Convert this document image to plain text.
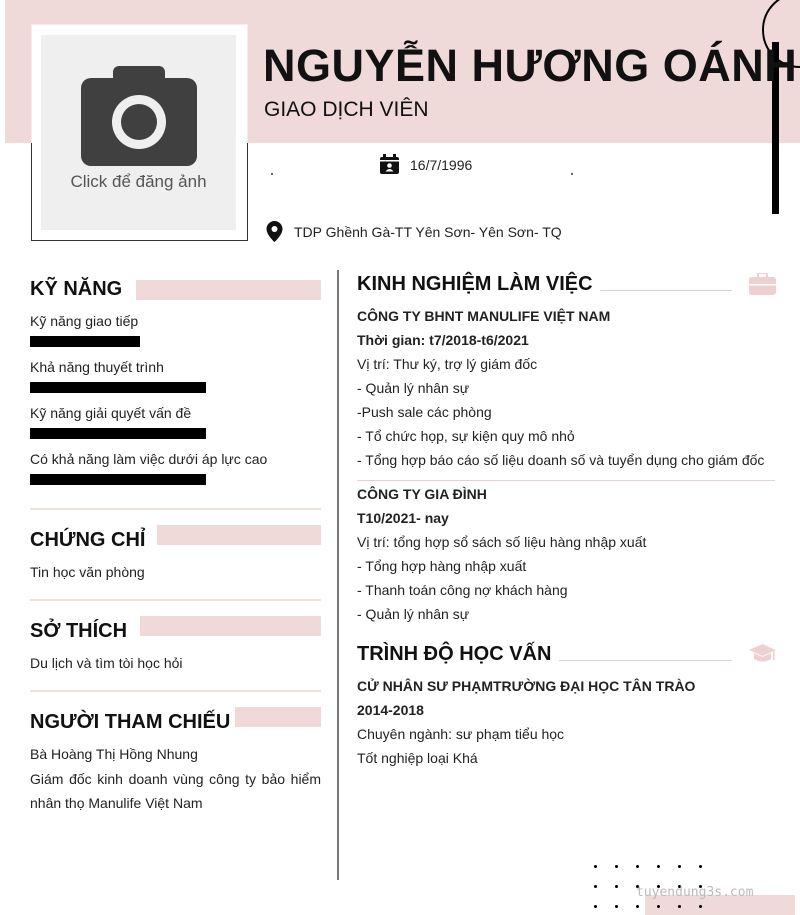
Click để đăng ảnh
NGUYỄN HƯƠNG OÁNH
GIAO DỊCH VIÊN
16/7/1996
TDP Ghềnh Gà-TT Yên Sơn- Yên Sơn- TQ
KỸ NĂNG
Kỹ năng giao tiếp
Khả năng thuyết trình
Kỹ năng giải quyết vấn đề
Có khả năng làm việc dưới áp lực cao
CHỨNG CHỈ
Tin học văn phòng
SỞ THÍCH
Du lịch và tìm tòi học hỏi
NGƯỜI THAM CHIẾU
Bà Hoàng Thị Hồng Nhung
Giám đốc kinh doanh vùng công ty bảo hiểm nhân thọ Manulife Việt Nam
KINH NGHIỆM LÀM VIỆC
CÔNG TY BHNT MANULIFE VIỆT NAM
Thời gian: t7/2018-t6/2021
Vị trí: Thư ký, trợ lý giám đốc
- Quản lý nhân sự
-Push sale các phòng
- Tổ chức họp, sự kiện quy mô nhỏ
- Tổng hợp báo cáo số liệu doanh số và tuyển dụng cho giám đốc
CÔNG TY GIA ĐÌNH
T10/2021- nay
Vị trí: tổng hợp sổ sách số liệu hàng nhập xuất
- Tổng hợp hàng nhập xuất
- Thanh toán công nợ khách hàng
- Quản lý nhân sự
TRÌNH ĐỘ HỌC VẤN
CỬ NHÂN SƯ PHẠMTRƯỜNG ĐẠI HỌC TÂN TRÀO
2014-2018
Chuyên ngành: sư phạm tiểu học
Tốt nghiệp loại Khá
tuyendung3s.com
